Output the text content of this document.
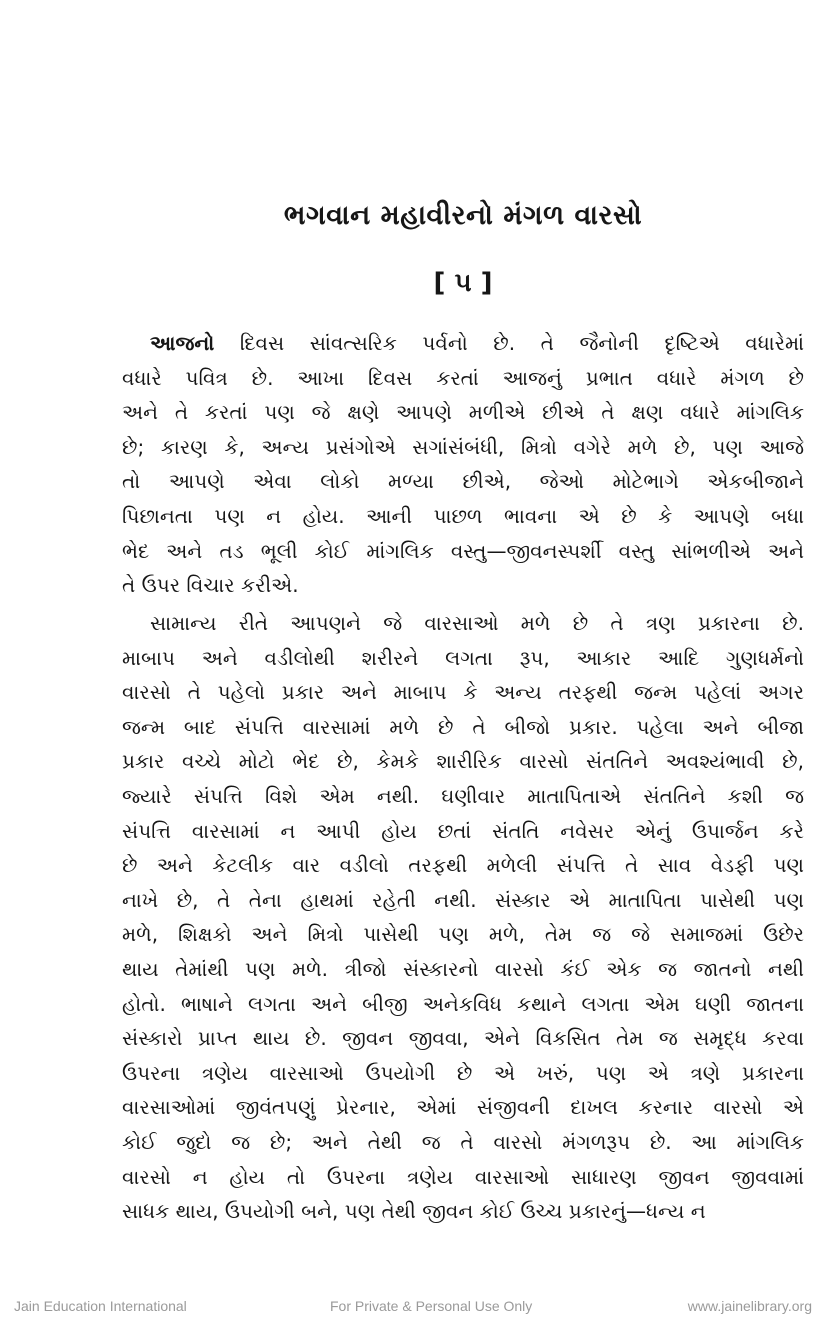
ભગવાન મહાવીરનો મંગળ વારસો
[ ૫ ]
આજનો દિવસ સાંવત્સરિક પર્વનો છે. તે જૈનોની દૃષ્ટિએ વધારેમાં
વધારે પવિત્ર છે. આખા દિવસ કરતાં આજનું પ્રભાત વધારે મંગળ છે
અને તે કરતાં પણ જે ક્ષણે આપણે મળીએ છીએ તે ક્ષણ વધારે માંગલિક
છે; કારણ કે, અન્ય પ્રસંગોએ સગાંસંબંધી, મિત્રો વગેરે મળે છે, પણ આજે
તો આપણે એવા લોકો મળ્યા છીએ, જેઓ મોટેભાગે એકબીજાને
પિછાનતા પણ ન હોય. આની પાછળ ભાવના એ છે કે આપણે બધા
ભેદ અને તડ ભૂલી કોઈ માંગલિક વસ્તુ—જીવનસ્પર્શી વસ્તુ સાંભળીએ અને
તે ઉપર વિચાર કરીએ.
સામાન્ય રીતે આપણને જે વારસાઓ મળે છે તે ત્રણ પ્રકારના છે.
માબાપ અને વડીલોથી શરીરને લગતા રૂપ, આકાર આદિ ગુણધર્મનો
વારસો તે પહેલો પ્રકાર અને માબાપ કે અન્ય તરફથી જન્મ પહેલાં અગર
જન્મ બાદ સંપત્તિ વારસામાં મળે છે તે બીજો પ્રકાર. પહેલા અને બીજા
પ્રકાર વચ્ચે મોટો ભેદ છે, કેમકે શારીરિક વારસો સંતતિને અવશ્યંભાવી છે,
જ્યારે સંપત્તિ વિશે એમ નથી. ઘણીવાર માતાપિતાએ સંતતિને કશી જ
સંપત્તિ વારસામાં ન આપી હોય છતાં સંતતિ નવેસર એનું ઉપાર્જન કરે
છે અને કેટલીક વાર વડીલો તરફથી મળેલી સંપત્તિ તે સાવ વેડફી પણ
નાખે છે, તે તેના હાથમાં રહેતી નથી. સંસ્કાર એ માતાપિતા પાસેથી પણ
મળે, શિક્ષકો અને મિત્રો પાસેથી પણ મળે, તેમ જ જે સમાજમાં ઉછેર
થાય તેમાંથી પણ મળે. ત્રીજો સંસ્કારનો વારસો કંઈ એક જ જાતનો નથી
હોતો. ભાષાને લગતા અને બીજી અનેકવિધ કથાને લગતા એમ ઘણી જાતના
સંસ્કારો પ્રાપ્ત થાય છે. જીવન જીવવા, એને વિકસિત તેમ જ સમૃદ્ધ કરવા
ઉપરના ત્રણેય વારસાઓ ઉપયોગી છે એ ખરું, પણ એ ત્રણે પ્રકારના
વારસાઓમાં જીવંતપણું પ્રેરનાર, એમાં સંજીવની દાખલ કરનાર વારસો એ
કોઈ જુદો જ છે; અને તેથી જ તે વારસો મંગળરૂપ છે. આ માંગલિક
વારસો ન હોય તો ઉપરના ત્રણેય વારસાઓ સાધારણ જીવન જીવવામાં
સાધક થાય, ઉપયોગી બને, પણ તેથી જીવન કોઈ ઉચ્ચ પ્રકારનું—ધન્ય ન
Jain Education International	For Private & Personal Use Only	www.jainelibrary.org
